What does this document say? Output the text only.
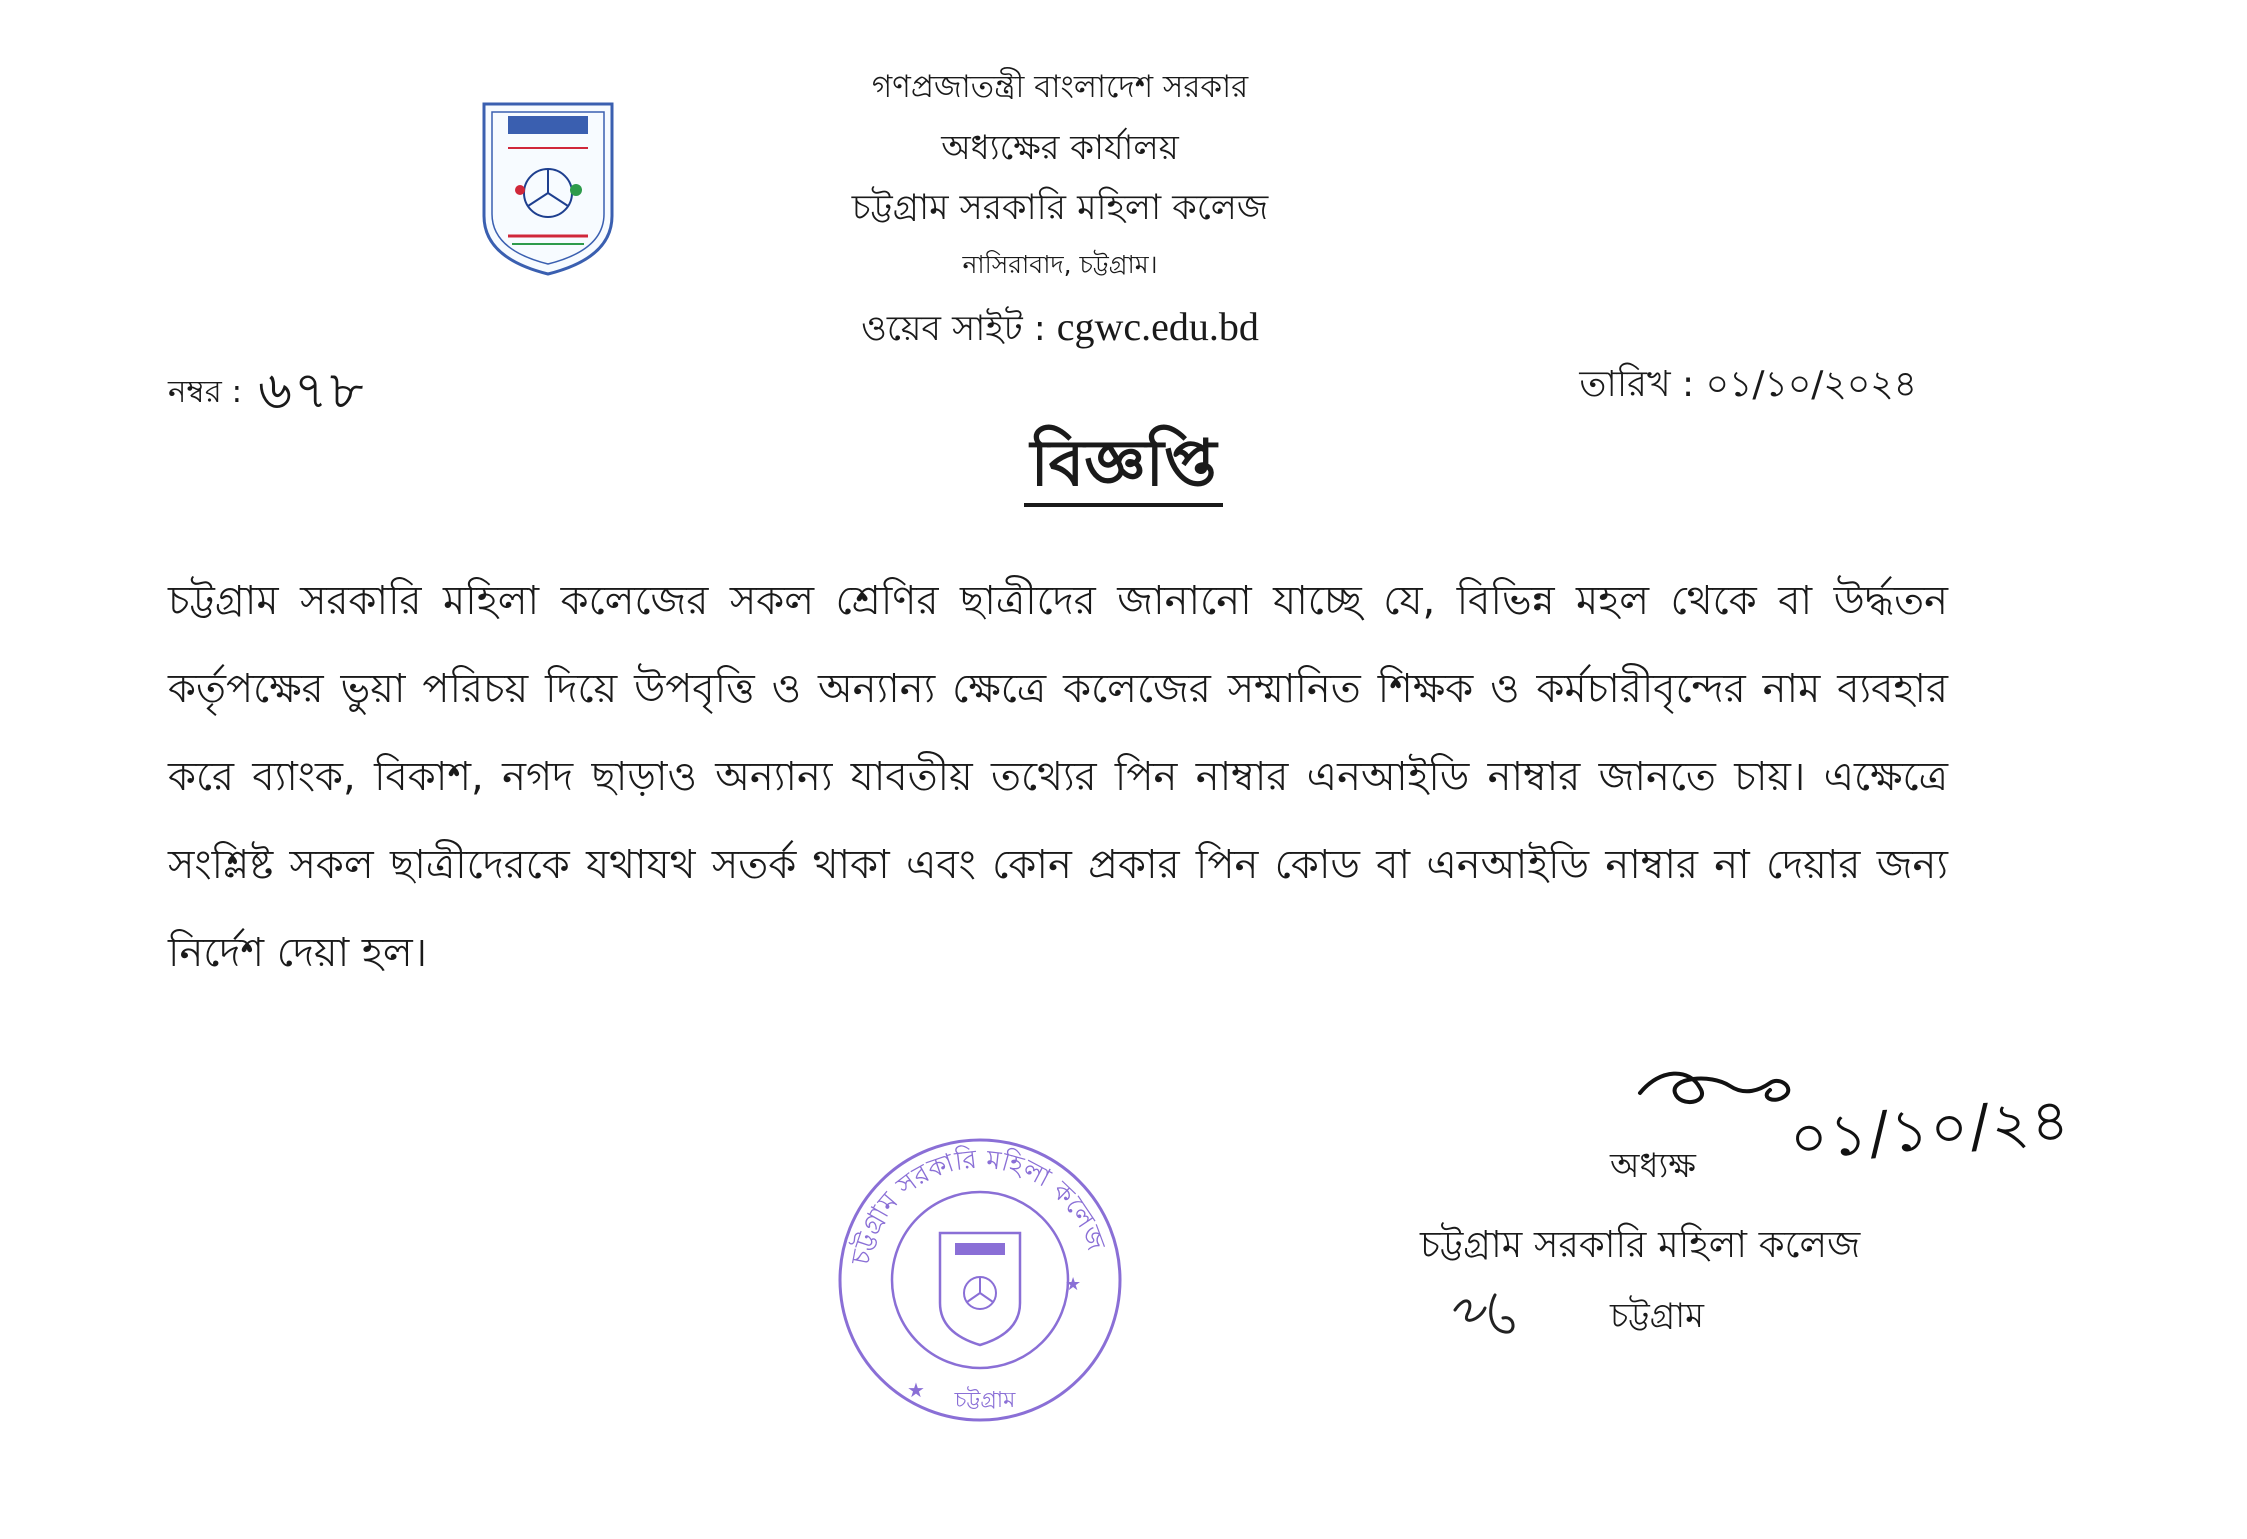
গণপ্রজাতন্ত্রী বাংলাদেশ সরকার
অধ্যক্ষের কার্যালয়
চট্টগ্রাম সরকারি মহিলা কলেজ
নাসিরাবাদ, চট্টগ্রাম।
ওয়েব সাইট : cgwc.edu.bd
নম্বর : ৬৭৮	তারিখ : ০১/১০/২০২৪
বিজ্ঞপ্তি
চট্টগ্রাম সরকারি মহিলা কলেজের সকল শ্রেণির ছাত্রীদের জানানো যাচ্ছে যে, বিভিন্ন মহল থেকে বা উর্দ্ধতন কর্তৃপক্ষের ভুয়া পরিচয় দিয়ে উপবৃত্তি ও অন্যান্য ক্ষেত্রে কলেজের সম্মানিত শিক্ষক ও কর্মচারীবৃন্দের নাম ব্যবহার করে ব্যাংক, বিকাশ, নগদ ছাড়াও অন্যান্য যাবতীয় তথ্যের পিন নাম্বার এনআইডি নাম্বার জানতে চায়। এক্ষেত্রে সংশ্লিষ্ট সকল ছাত্রীদেরকে যথাযথ সতর্ক থাকা এবং কোন প্রকার পিন কোড বা এনআইডি নাম্বার না দেয়ার জন্য নির্দেশ দেয়া হল।
০১/১০/২৪
অধ্যক্ষ
চট্টগ্রাম সরকারি মহিলা কলেজ
চট্টগ্রাম
চট্টগ্রাম সরকারি মহিলা কলেজ
চট্টগ্রাম
★
★
